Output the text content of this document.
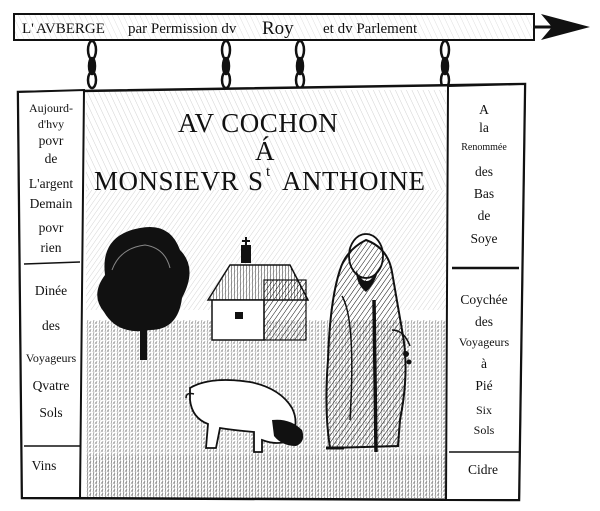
L' AVBERGE par Permission dv Roy et dv Parlement
AV COCHON
Á
MONSIEVR S t ANTHOINE
Aujourd-
d'hvy
povr
de
L'argent
Demain
povr
rien
Dinée
des
Voyageurs
Qvatre
Sols
Vins
A
la
Renommée
des
Bas
de
Soye
Coychée
des
Voyageurs
à
Pié
Six
Sols
Cidre
